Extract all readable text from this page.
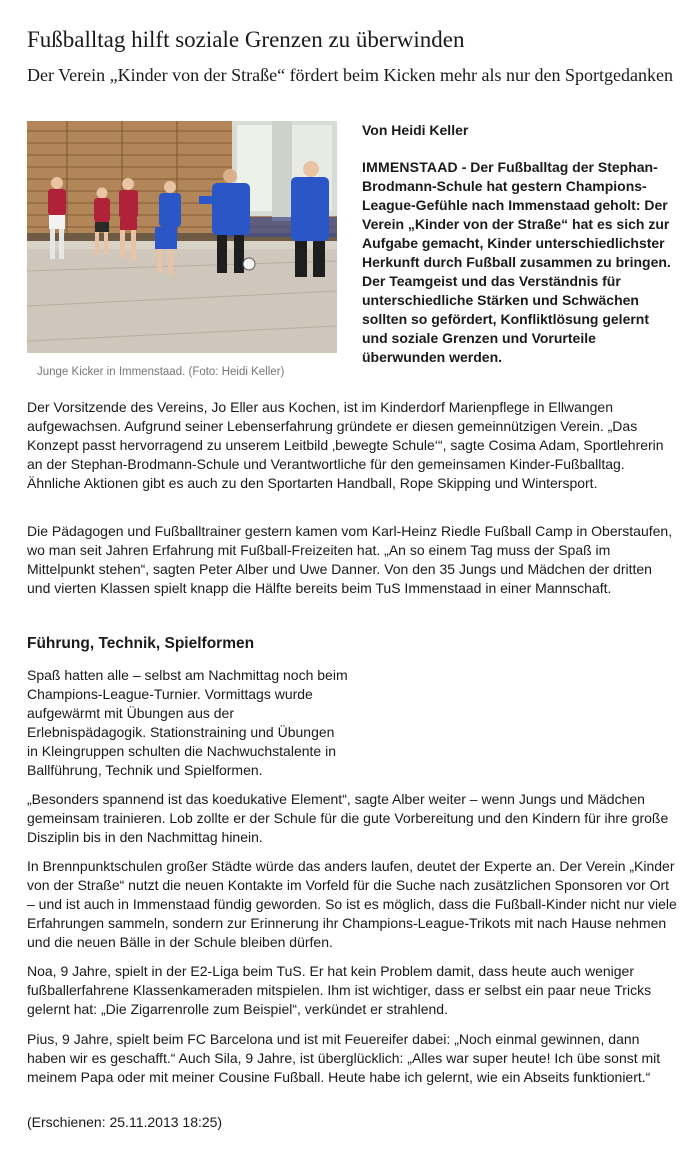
Fußballtag hilft soziale Grenzen zu überwinden
Der Verein „Kinder von der Straße“ fördert beim Kicken mehr als nur den Sportgedanken

Junge Kicker in Immenstaad. (Foto: Heidi Keller)

Von Heidi Keller

IMMENSTAAD - Der Fußballtag der Stephan-Brodmann-Schule hat gestern Champions-League-Gefühle nach Immenstaad geholt: Der Verein „Kinder von der Straße“ hat es sich zur Aufgabe gemacht, Kinder unterschiedlichster Herkunft durch Fußball zusammen zu bringen. Der Teamgeist und das Verständnis für unterschiedliche Stärken und Schwächen sollten so gefördert, Konfliktlösung gelernt und soziale Grenzen und Vorurteile überwunden werden.

Der Vorsitzende des Vereins, Jo Eller aus Kochen, ist im Kinderdorf Marienpflege in Ellwangen aufgewachsen. Aufgrund seiner Lebenserfahrung gründete er diesen gemeinnützigen Verein. „Das Konzept passt hervorragend zu unserem Leitbild ‚bewegte Schule‘“, sagte Cosima Adam, Sportlehrerin an der Stephan-Brodmann-Schule und Verantwortliche für den gemeinsamen Kinder-Fußballtag. Ähnliche Aktionen gibt es auch zu den Sportarten Handball, Rope Skipping und Wintersport.

Die Pädagogen und Fußballtrainer gestern kamen vom Karl-Heinz Riedle Fußball Camp in Oberstaufen, wo man seit Jahren Erfahrung mit Fußball-Freizeiten hat. „An so einem Tag muss der Spaß im Mittelpunkt stehen“, sagten Peter Alber und Uwe Danner. Von den 35 Jungs und Mädchen der dritten und vierten Klassen spielt knapp die Hälfte bereits beim TuS Immenstaad in einer Mannschaft.

Führung, Technik, Spielformen

Spaß hatten alle – selbst am Nachmittag noch beim Champions-League-Turnier. Vormittags wurde aufgewärmt mit Übungen aus der Erlebnispädagogik. Stationstraining und Übungen in Kleingruppen schulten die Nachwuchstalente in Ballführung, Technik und Spielformen.

„Besonders spannend ist das koedukative Element“, sagte Alber weiter – wenn Jungs und Mädchen gemeinsam trainieren. Lob zollte er der Schule für die gute Vorbereitung und den Kindern für ihre große Disziplin bis in den Nachmittag hinein.

In Brennpunktschulen großer Städte würde das anders laufen, deutet der Experte an. Der Verein „Kinder von der Straße“ nutzt die neuen Kontakte im Vorfeld für die Suche nach zusätzlichen Sponsoren vor Ort – und ist auch in Immenstaad fündig geworden. So ist es möglich, dass die Fußball-Kinder nicht nur viele Erfahrungen sammeln, sondern zur Erinnerung ihr Champions-League-Trikots mit nach Hause nehmen und die neuen Bälle in der Schule bleiben dürfen.

Noa, 9 Jahre, spielt in der E2-Liga beim TuS. Er hat kein Problem damit, dass heute auch weniger fußballerfahrene Klassenkameraden mitspielen. Ihm ist wichtiger, dass er selbst ein paar neue Tricks gelernt hat: „Die Zigarrenrolle zum Beispiel“, verkündet er strahlend.

Pius, 9 Jahre, spielt beim FC Barcelona und ist mit Feuereifer dabei: „Noch einmal gewinnen, dann haben wir es geschafft.“ Auch Sila, 9 Jahre, ist überglücklich: „Alles war super heute! Ich übe sonst mit meinem Papa oder mit meiner Cousine Fußball. Heute habe ich gelernt, wie ein Abseits funktioniert.“

(Erschienen: 25.11.2013 18:25)
